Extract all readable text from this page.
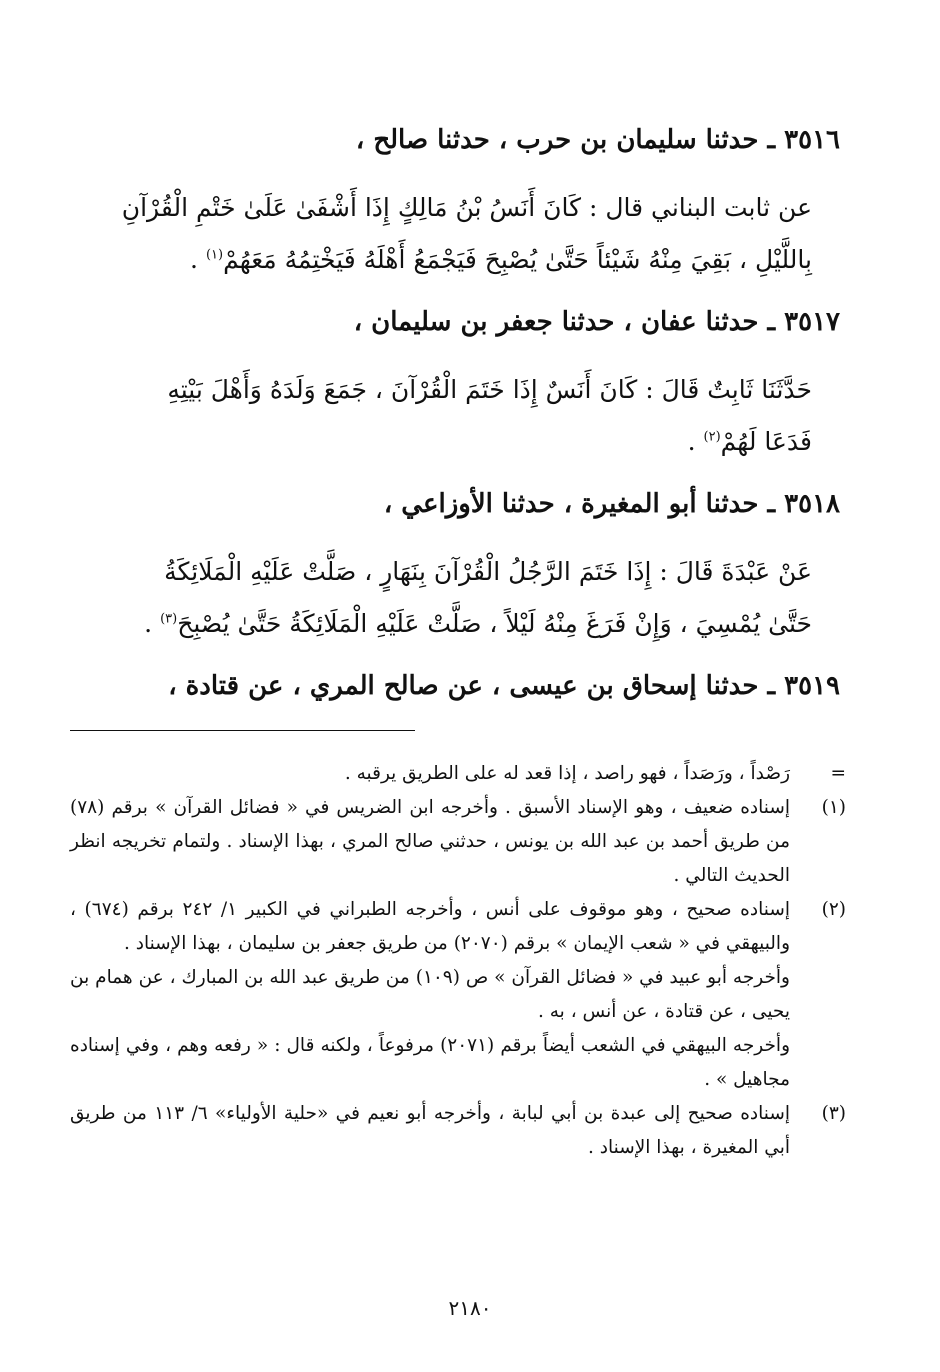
٣٥١٦ ـ حدثنا سليمان بن حرب ، حدثنا صالح ،

عن ثابت البناني قال : كَانَ أَنَسُ بْنُ مَالِكٍ إِذَا أَشْفَىٰ عَلَىٰ خَتْمِ الْقُرْآنِ

بِاللَّيْلِ ، بَقِيَ مِنْهُ شَيْئاً حَتَّىٰ يُصْبِحَ فَيَجْمَعُ أَهْلَهُ فَيَخْتِمُهُ مَعَهُمْ$^{(١)}$ .

٣٥١٧ ـ حدثنا عفان ، حدثنا جعفر بن سليمان ،

حَدَّثَنَا ثَابِتٌ قَالَ : كَانَ أَنَسٌ إِذَا خَتَمَ الْقُرْآنَ ، جَمَعَ وَلَدَهُ وَأَهْلَ بَيْتِهِ

فَدَعَا لَهُمْ$^{(٢)}$ .

٣٥١٨ ـ حدثنا أبو المغيرة ، حدثنا الأوزاعي ،

عَنْ عَبْدَةَ قَالَ : إِذَا خَتَمَ الرَّجُلُ الْقُرْآنَ بِنَهَارٍ ، صَلَّتْ عَلَيْهِ الْمَلَائِكَةُ

حَتَّىٰ يُمْسِيَ ، وَإِنْ فَرَغَ مِنْهُ لَيْلاً ، صَلَّتْ عَلَيْهِ الْمَلَائِكَةُ حَتَّىٰ يُصْبِحَ$^{(٣)}$ .

٣٥١٩ ـ حدثنا إسحاق بن عيسى ، عن صالح المري ، عن قتادة ،

=

رَصْداً ، ورَصَداً ، فهو راصد ، إذا قعد له على الطريق يرقبه .

(١)

إسناده ضعيف ، وهو الإسناد الأسبق . وأخرجه ابن الضريس في « فضائل القرآن » برقم (٧٨) من طريق أحمد بن عبد الله بن يونس ، حدثني صالح المري ، بهذا الإسناد . ولتمام تخريجه انظر الحديث التالي .

(٢)

إسناده صحيح ، وهو موقوف على أنس ، وأخرجه الطبراني في الكبير ١/ ٢٤٢ برقم (٦٧٤) ، والبيهقي في « شعب الإيمان » برقم (٢٠٧٠) من طريق جعفر بن سليمان ، بهذا الإسناد .

وأخرجه أبو عبيد في « فضائل القرآن » ص (١٠٩) من طريق عبد الله بن المبارك ، عن همام بن يحيى ، عن قتادة ، عن أنس ، به .

وأخرجه البيهقي في الشعب أيضاً برقم (٢٠٧١) مرفوعاً ، ولكنه قال : « رفعه وهم ، وفي إسناده مجاهيل » .

(٣)

إسناده صحيح إلى عبدة بن أبي لبابة ، وأخرجه أبو نعيم في «حلية الأولياء» ٦/ ١١٣ من طريق أبي المغيرة ، بهذا الإسناد .

٢١٨٠
